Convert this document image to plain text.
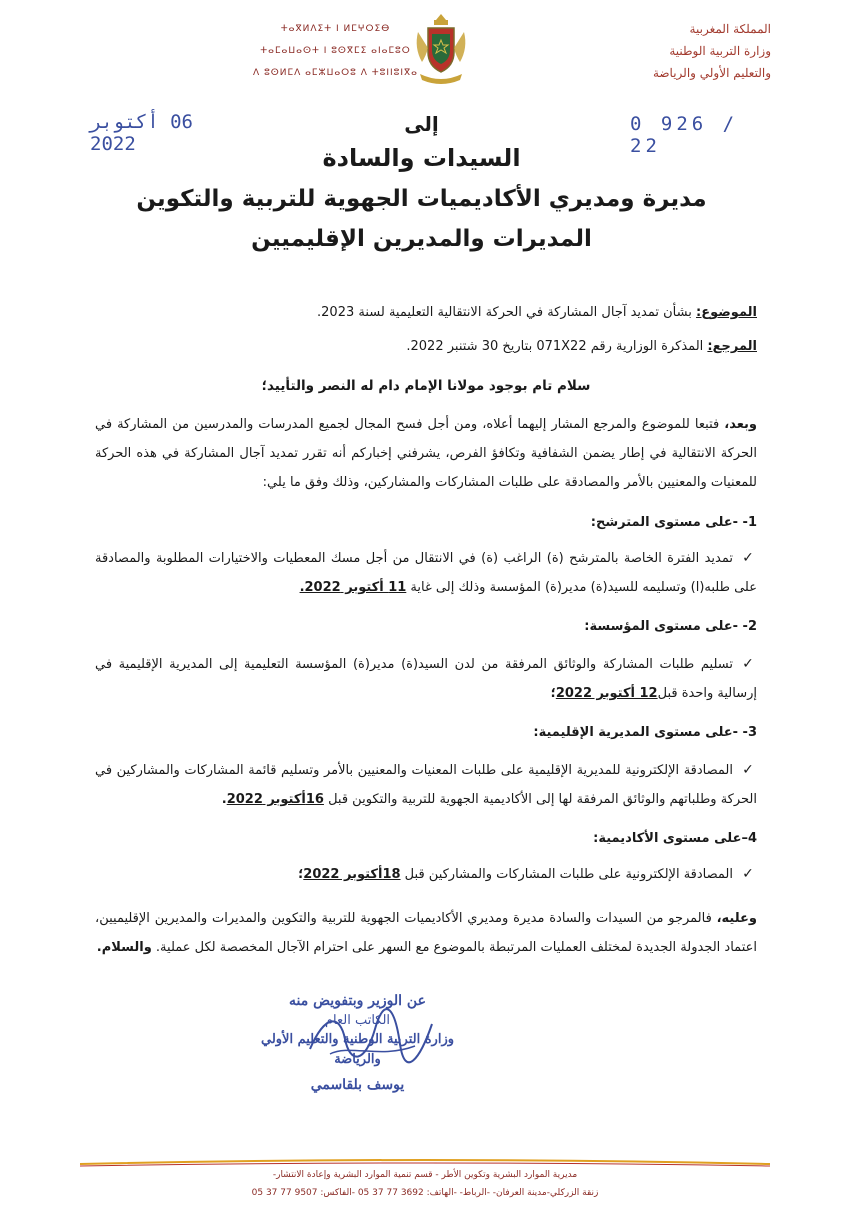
المملكة المغربية
وزارة التربية الوطنية
والتعليم الأولي والرياضة
ⵜⴰⴳⵍⴷⵉⵜ ⵏ ⵍⵎⵖⵔⵉⴱ
ⵜⴰⵎⴰⵡⴰⵙⵜ ⵏ ⵓⵙⴳⵎⵉ ⴰⵏⴰⵎⵓⵔ
ⴷ ⵓⵙⵍⵎⴷ ⴰⵎⵣⵡⴰⵔⵓ ⴷ ⵜⵓⵏⵏⵓⵏⴳⴰ
0 926 / 22
06 أكتوبر 2022
إلى
السيدات والسادة
مديرة ومديري الأكاديميات الجهوية للتربية والتكوين
المديرات والمديرين الإقليميين
الموضوع: بشأن تمديد آجال المشاركة في الحركة الانتقالية التعليمية لسنة 2023.
المرجع: المذكرة الوزارية رقم 071X22 بتاريخ 30 شتنبر 2022.
سلام تام بوجود مولانا الإمام دام له النصر والتأييد؛
وبعد، فتبعا للموضوع والمرجع المشار إليهما أعلاه، ومن أجل فسح المجال لجميع المدرسات والمدرسين من المشاركة في الحركة الانتقالية في إطار يضمن الشفافية وتكافؤ الفرص، يشرفني إخباركم أنه تقرر تمديد آجال المشاركة في هذه الحركة للمعنيات والمعنيين بالأمر والمصادقة على طلبات المشاركات والمشاركين، وذلك وفق ما يلي:
1- -على مستوى المترشح:
✓تمديد الفترة الخاصة بالمترشح (ة) الراغب (ة) في الانتقال من أجل مسك المعطيات والاختيارات المطلوبة والمصادقة على طلبه(ا) وتسليمه للسيد(ة) مدير(ة) المؤسسة وذلك إلى غاية 11 أكتوبر 2022.
2- -على مستوى المؤسسة:
✓تسليم طلبات المشاركة والوثائق المرفقة من لدن السيد(ة) مدير(ة) المؤسسة التعليمية إلى المديرية الإقليمية في إرسالية واحدة قبل12 أكتوبر 2022؛
3- -على مستوى المديرية الإقليمية:
✓المصادقة الإلكترونية للمديرية الإقليمية على طلبات المعنيات والمعنيين بالأمر وتسليم قائمة المشاركات والمشاركين في الحركة وطلباتهم والوثائق المرفقة لها إلى الأكاديمية الجهوية للتربية والتكوين قبل 16أكتوبر 2022.
4–على مستوى الأكاديمية:
✓المصادقة الإلكترونية على طلبات المشاركات والمشاركين قبل 18أكتوبر 2022؛
وعليه، فالمرجو من السيدات والسادة مديرة ومديري الأكاديميات الجهوية للتربية والتكوين والمديرات والمديرين الإقليميين، اعتماد الجدولة الجديدة لمختلف العمليات المرتبطة بالموضوع مع السهر على احترام الآجال المخصصة لكل عملية. والسلام.
عن الوزير وبتفويض منه
الكاتب العام
وزارة التربية الوطنية والتعليم الأولي
والرياضة
يوسف بلقاسمي
مديرية الموارد البشرية وتكوين الأطر - قسم تنمية الموارد البشرية وإعادة الانتشار-
زنقة الزركلي-مدينة العرفان- -الرباط- -الهاتف: 3692 77 37 05 -الفاكس: 9507 77 37 05
